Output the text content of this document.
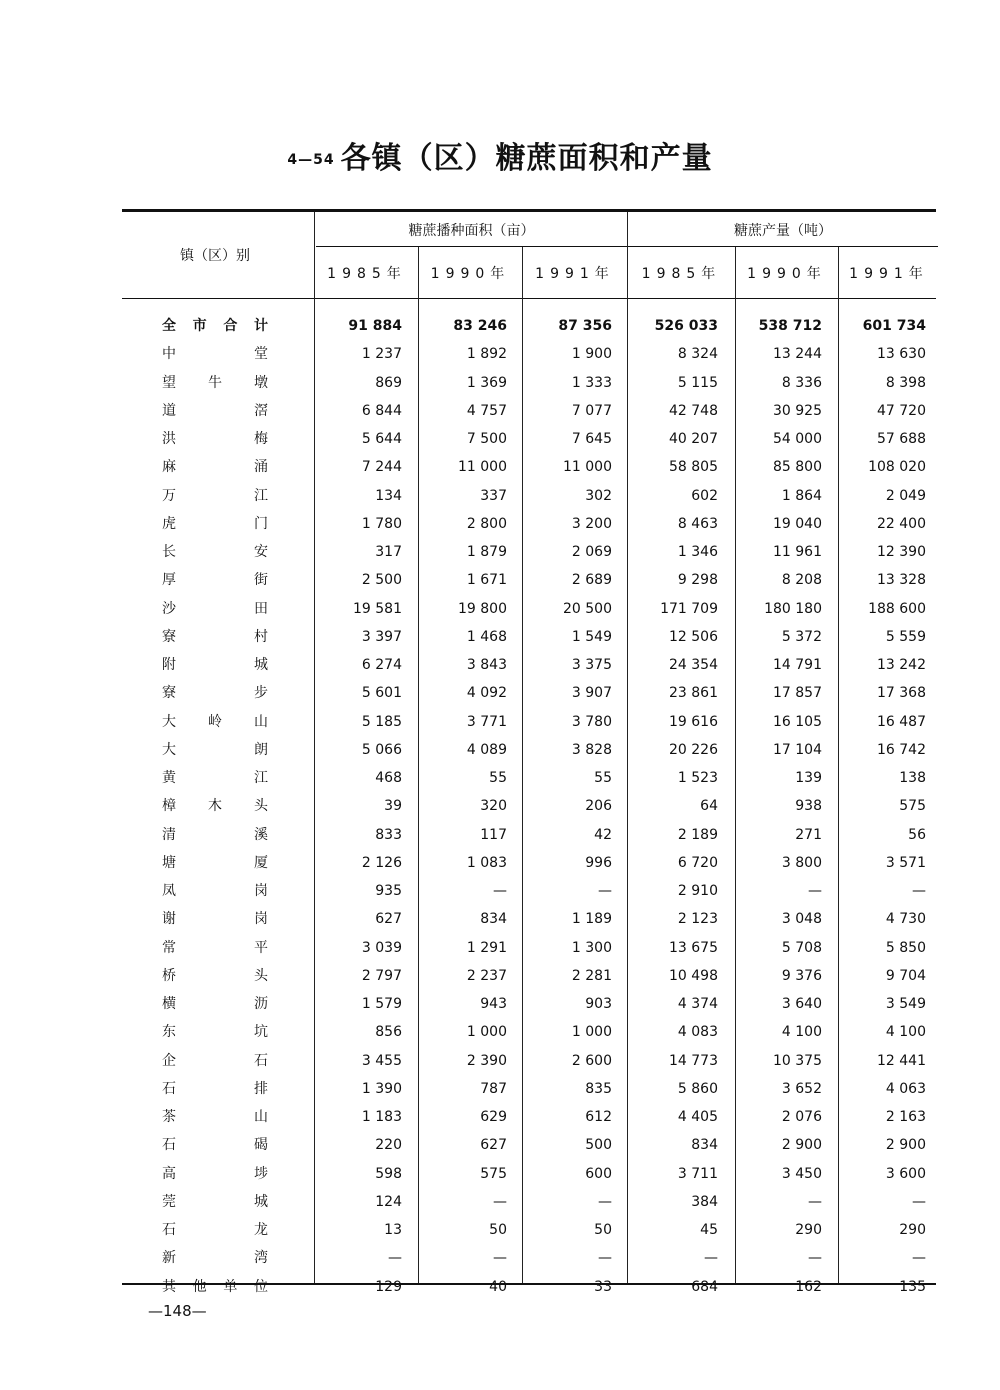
4—54 各镇（区）糖蔗面积和产量
镇（区）别
糖蔗播种面积（亩）	糖蔗产量（吨）
1985年	1990年	1991年	1985年	1990年	1991年
全 市 合 计	91 884	83 246	87 356	526 033	538 712	601 734
中	堂	1 237	1 892	1 900	8 324	13 244	13 630
望 牛 墩	869	1 369	1 333	5 115	8 336	8 398
道	滘	6 844	4 757	7 077	42 748	30 925	47 720
洪	梅	5 644	7 500	7 645	40 207	54 000	57 688
麻	涌	7 244	11 000	11 000	58 805	85 800	108 020
万	江	134	337	302	602	1 864	2 049
虎	门	1 780	2 800	3 200	8 463	19 040	22 400
长	安	317	1 879	2 069	1 346	11 961	12 390
厚	街	2 500	1 671	2 689	9 298	8 208	13 328
沙	田	19 581	19 800	20 500	171 709	180 180	188 600
寮	村	3 397	1 468	1 549	12 506	5 372	5 559
附	城	6 274	3 843	3 375	24 354	14 791	13 242
寮	步	5 601	4 092	3 907	23 861	17 857	17 368
大 岭 山	5 185	3 771	3 780	19 616	16 105	16 487
大	朗	5 066	4 089	3 828	20 226	17 104	16 742
黄	江	468	55	55	1 523	139	138
樟 木 头	39	320	206	64	938	575
清	溪	833	117	42	2 189	271	56
塘	厦	2 126	1 083	996	6 720	3 800	3 571
凤	岗	935	—	—	2 910	—	—
谢	岗	627	834	1 189	2 123	3 048	4 730
常	平	3 039	1 291	1 300	13 675	5 708	5 850
桥	头	2 797	2 237	2 281	10 498	9 376	9 704
横	沥	1 579	943	903	4 374	3 640	3 549
东	坑	856	1 000	1 000	4 083	4 100	4 100
企	石	3 455	2 390	2 600	14 773	10 375	12 441
石	排	1 390	787	835	5 860	3 652	4 063
茶	山	1 183	629	612	4 405	2 076	2 163
石	碣	220	627	500	834	2 900	2 900
高	埗	598	575	600	3 711	3 450	3 600
莞	城	124	—	—	384	—	—
石	龙	13	50	50	45	290	290
新	湾	—	—	—	—	—	—
其 他 单 位	129	40	33	684	162	135
—148—
